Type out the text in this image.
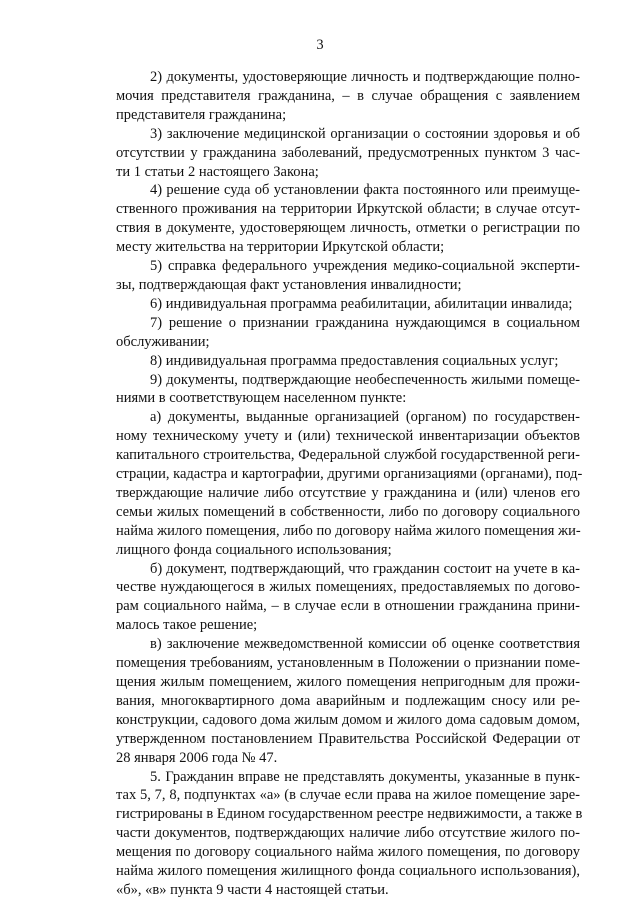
3
2) документы, удостоверяющие личность и подтверждающие полно-
мочия представителя гражданина, – в случае обращения с заявлением
представителя гражданина;
3) заключение медицинской организации о состоянии здоровья и об
отсутствии у гражданина заболеваний, предусмотренных пунктом 3 час-
ти 1 статьи 2 настоящего Закона;
4) решение суда об установлении факта постоянного или преимуще-
ственного проживания на территории Иркутской области; в случае отсут-
ствия в документе, удостоверяющем личность, отметки о регистрации по
месту жительства на территории Иркутской области;
5) справка федерального учреждения медико-социальной эксперти-
зы, подтверждающая факт установления инвалидности;
6) индивидуальная программа реабилитации, абилитации инвалида;
7) решение о признании гражданина нуждающимся в социальном
обслуживании;
8) индивидуальная программа предоставления социальных услуг;
9) документы, подтверждающие необеспеченность жилыми помеще-
ниями в соответствующем населенном пункте:
а) документы, выданные организацией (органом) по государствен-
ному техническому учету и (или) технической инвентаризации объектов
капитального строительства, Федеральной службой государственной реги-
страции, кадастра и картографии, другими организациями (органами), под-
тверждающие наличие либо отсутствие у гражданина и (или) членов его
семьи жилых помещений в собственности, либо по договору социального
найма жилого помещения, либо по договору найма жилого помещения жи-
лищного фонда социального использования;
б) документ, подтверждающий, что гражданин состоит на учете в ка-
честве нуждающегося в жилых помещениях, предоставляемых по догово-
рам социального найма, – в случае если в отношении гражданина прини-
малось такое решение;
в) заключение межведомственной комиссии об оценке соответствия
помещения требованиям, установленным в Положении о признании поме-
щения жилым помещением, жилого помещения непригодным для прожи-
вания, многоквартирного дома аварийным и подлежащим сносу или ре-
конструкции, садового дома жилым домом и жилого дома садовым домом,
утвержденном постановлением Правительства Российской Федерации от
28 января 2006 года № 47.
5. Гражданин вправе не представлять документы, указанные в пунк-
тах 5, 7, 8, подпунктах «а» (в случае если права на жилое помещение заре-
гистрированы в Едином государственном реестре недвижимости, а также в
части документов, подтверждающих наличие либо отсутствие жилого по-
мещения по договору социального найма жилого помещения, по договору
найма жилого помещения жилищного фонда социального использования),
«б», «в» пункта 9 части 4 настоящей статьи.
